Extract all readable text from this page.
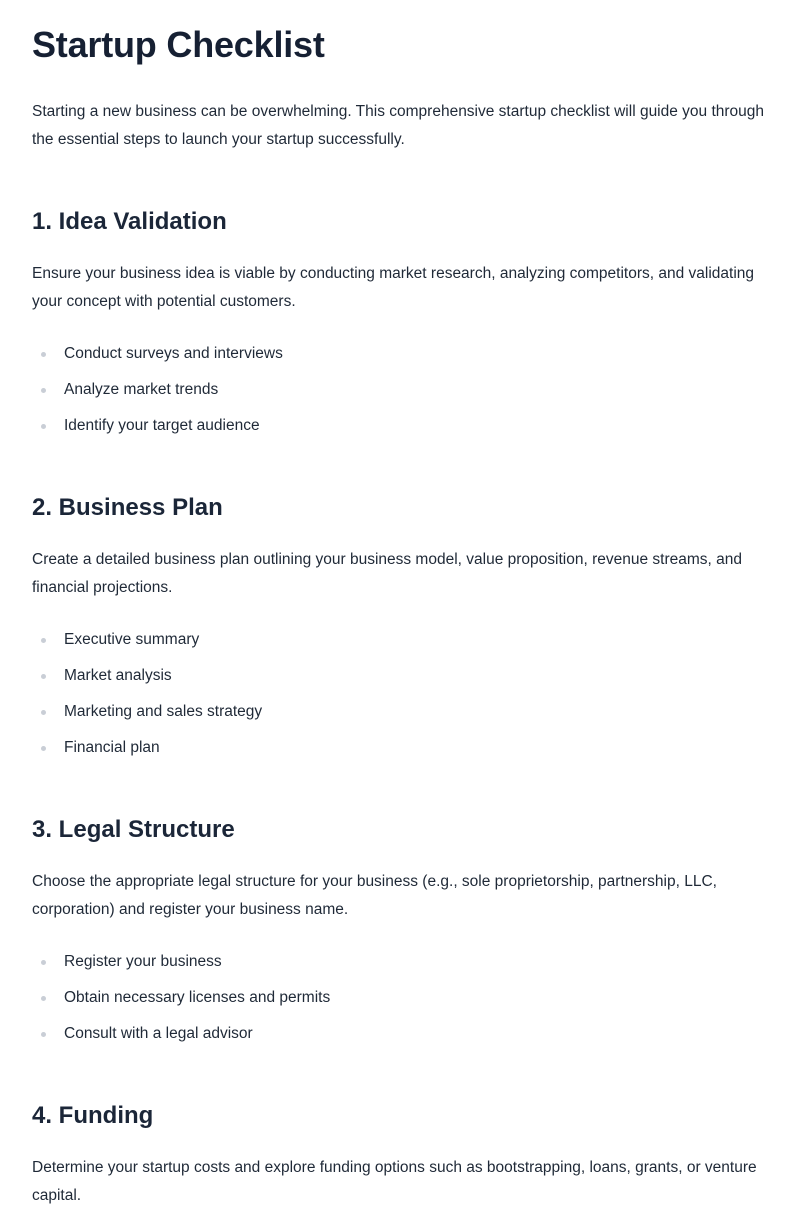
Startup Checklist

Starting a new business can be overwhelming. This comprehensive startup checklist will guide you through the essential steps to launch your startup successfully.

1. Idea Validation

Ensure your business idea is viable by conducting market research, analyzing competitors, and validating your concept with potential customers.

Conduct surveys and interviews
Analyze market trends
Identify your target audience
2. Business Plan

Create a detailed business plan outlining your business model, value proposition, revenue streams, and financial projections.

Executive summary
Market analysis
Marketing and sales strategy
Financial plan
3. Legal Structure

Choose the appropriate legal structure for your business (e.g., sole proprietorship, partnership, LLC, corporation) and register your business name.

Register your business
Obtain necessary licenses and permits
Consult with a legal advisor
4. Funding

Determine your startup costs and explore funding options such as bootstrapping, loans, grants, or venture capital.
